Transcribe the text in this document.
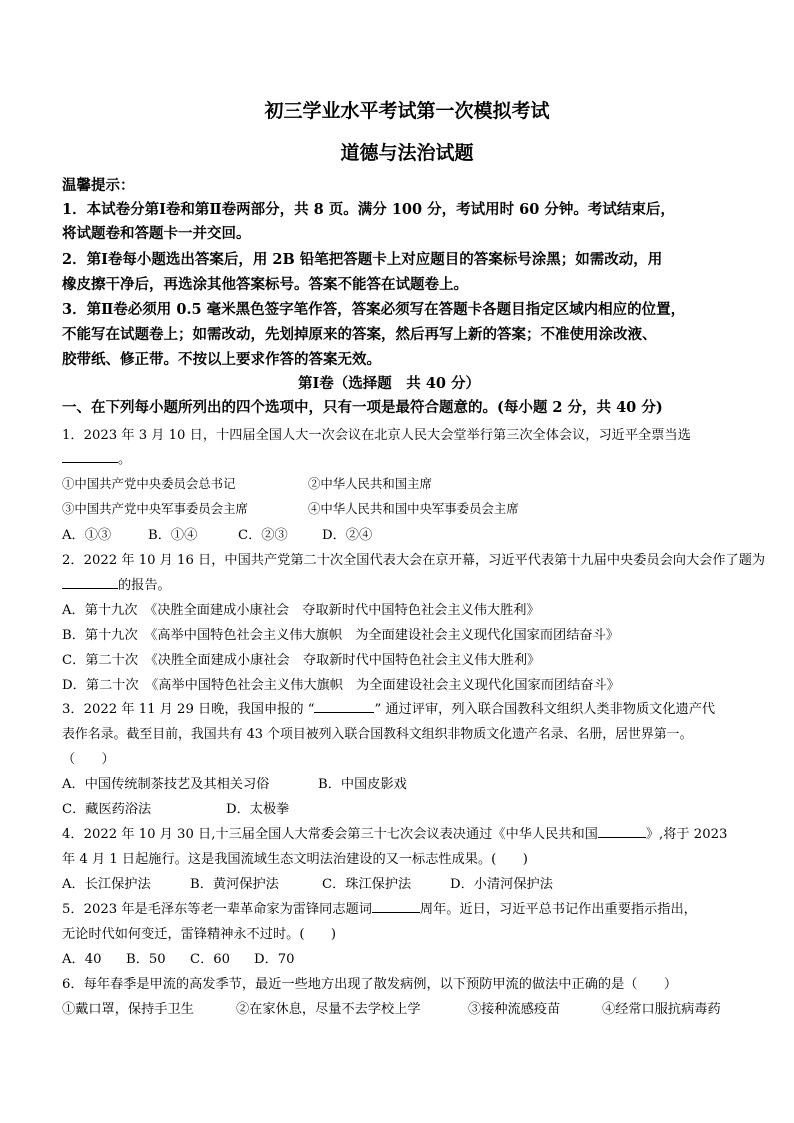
初三学业水平考试第一次模拟考试
道德与法治试题
温馨提示：
1．本试卷分第Ⅰ卷和第Ⅱ卷两部分，共 8 页。满分 100 分，考试用时 60 分钟。考试结束后，
将试题卷和答题卡一并交回。
2．第Ⅰ卷每小题选出答案后，用 2B 铅笔把答题卡上对应题目的答案标号涂黑；如需改动，用
橡皮擦干净后，再选涂其他答案标号。答案不能答在试题卷上。
3．第Ⅱ卷必须用 0.5 毫米黑色签字笔作答，答案必须写在答题卡各题目指定区域内相应的位置，
不能写在试题卷上；如需改动，先划掉原来的答案，然后再写上新的答案；不准使用涂改液、
胶带纸、修正带。不按以上要求作答的答案无效。
第Ⅰ卷（选择题　共 40 分）
一、在下列每小题所列出的四个选项中，只有一项是最符合题意的。(每小题 2 分，共 40 分)
1．2023 年 3 月 10 日，十四届全国人大一次会议在北京人民大会堂举行第三次全体会议，习近平全票当选
。
①中国共产党中央委员会总书记	②中华人民共和国主席
③中国共产党中央军事委员会主席	④中华人民共和国中央军事委员会主席
A．①③	B．①④	C．②③	D．②④
2．2022 年 10 月 16 日，中国共产党第二十次全国代表大会在京开幕，习近平代表第十九届中央委员会向大会作了题为
的报告。
A．第十九次　《决胜全面建成小康社会　夺取新时代中国特色社会主义伟大胜利》
B．第十九次　《高举中国特色社会主义伟大旗帜　为全面建设社会主义现代化国家而团结奋斗》
C．第二十次　《决胜全面建成小康社会　夺取新时代中国特色社会主义伟大胜利》
D．第二十次　《高举中国特色社会主义伟大旗帜　为全面建设社会主义现代化国家而团结奋斗》
3．2022 年 11 月 29 日晚，我国申报的 “	” 通过评审，列入联合国教科文组织人类非物质文化遗产代
表作名录。截至目前，我国共有 43 个项目被列入联合国教科文组织非物质文化遗产名录、名册，居世界第一。
（　　）
A．中国传统制茶技艺及其相关习俗	B．中国皮影戏
C．藏医药浴法	D．太极拳
4．2022 年 10 月 30 日,十三届全国人大常委会第三十七次会议表决通过《中华人民共和国	》,将于 2023
年 4 月 1 日起施行。这是我国流域生态文明法治建设的又一标志性成果。(　　)
A．长江保护法	B．黄河保护法	C．珠江保护法	D．小清河保护法
5．2023 年是毛泽东等老一辈革命家为雷锋同志题词	周年。近日，习近平总书记作出重要指示指出，
无论时代如何变迁，雷锋精神永不过时。(　　)
A．40 B．50 C．60 D．70
6．每年春季是甲流的高发季节，最近一些地方出现了散发病例，以下预防甲流的做法中正确的是（　　）
①戴口罩，保持手卫生	②在家休息，尽量不去学校上学	③接种流感疫苗	④经常口服抗病毒药
